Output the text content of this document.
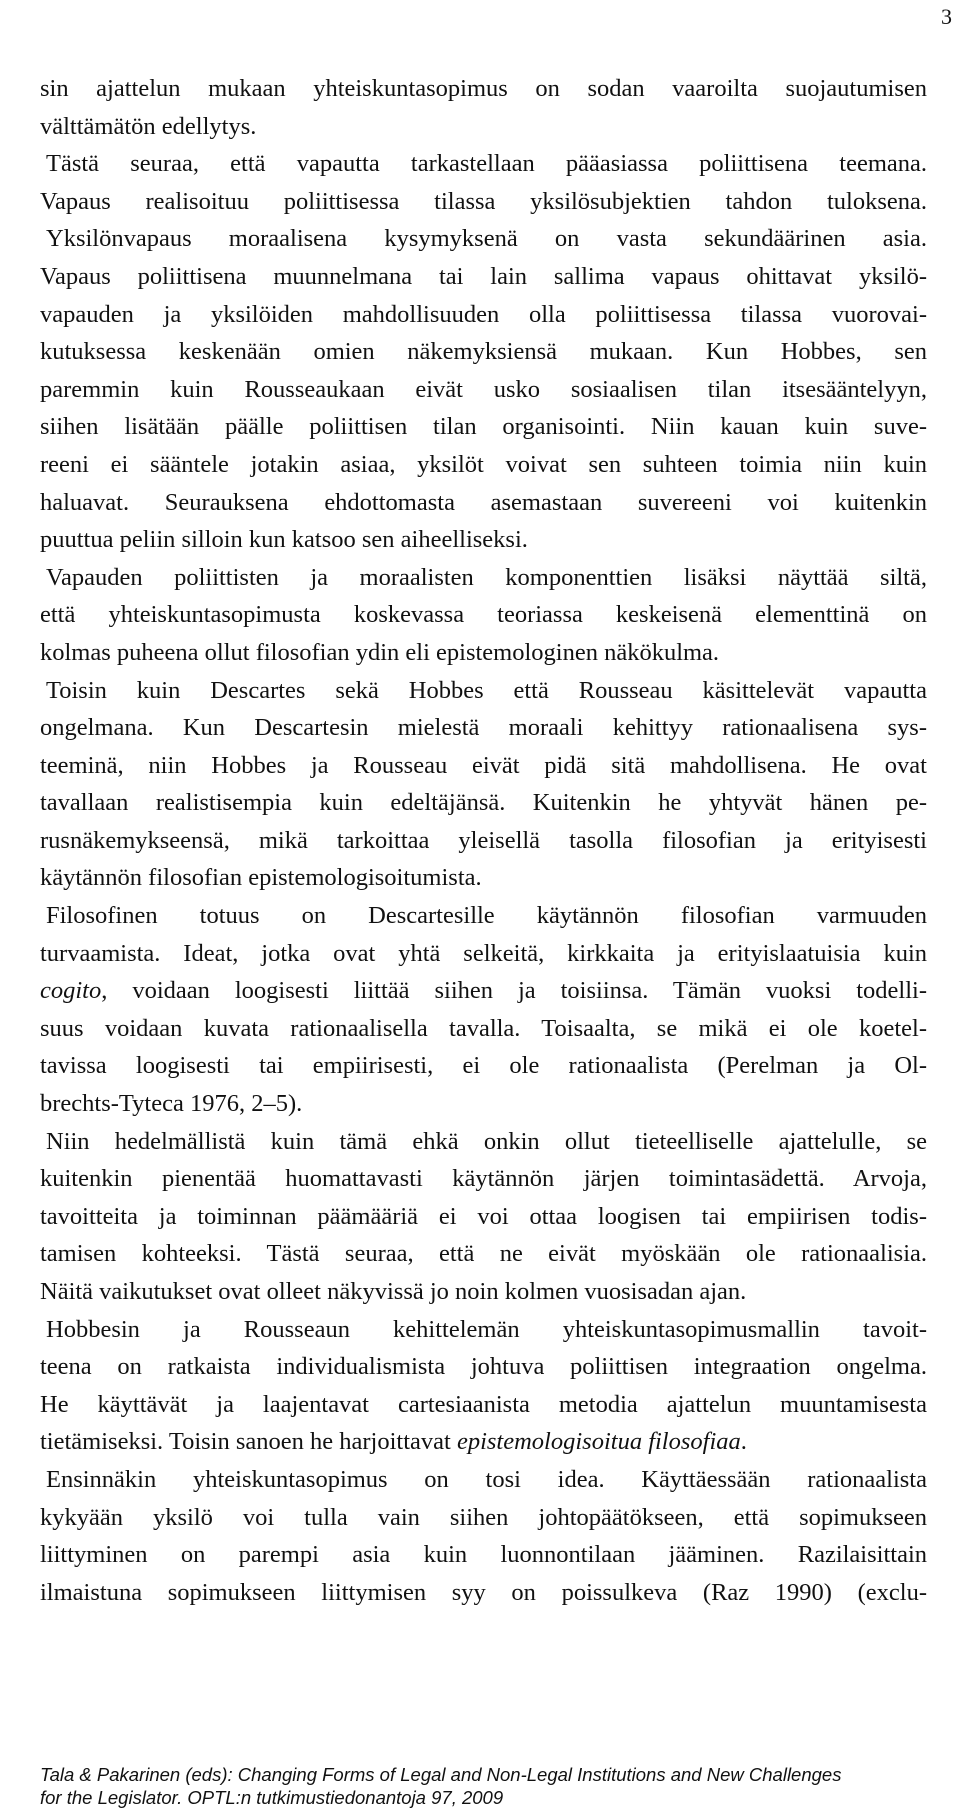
3
sin ajattelun mukaan yhteiskuntasopimus on sodan vaaroilta suojautumisen
välttämätön edellytys.
Tästä seuraa, että vapautta tarkastellaan pääasiassa poliittisena teemana.
Vapaus realisoituu poliittisessa tilassa yksilösubjektien tahdon tuloksena.
Yksilönvapaus moraalisena kysymyksenä on vasta sekundäärinen asia.
Vapaus poliittisena muunnelmana tai lain sallima vapaus ohittavat yksilö-
vapauden ja yksilöiden mahdollisuuden olla poliittisessa tilassa vuorovai-
kutuksessa keskenään omien näkemyksiensä mukaan. Kun Hobbes, sen
paremmin kuin Rousseaukaan eivät usko sosiaalisen tilan itsesääntelyyn,
siihen lisätään päälle poliittisen tilan organisointi. Niin kauan kuin suve-
reeni ei sääntele jotakin asiaa, yksilöt voivat sen suhteen toimia niin kuin
haluavat. Seurauksena ehdottomasta asemastaan suvereeni voi kuitenkin
puuttua peliin silloin kun katsoo sen aiheelliseksi.
Vapauden poliittisten ja moraalisten komponenttien lisäksi näyttää siltä,
että yhteiskuntasopimusta koskevassa teoriassa keskeisenä elementtinä on
kolmas puheena ollut filosofian ydin eli epistemologinen näkökulma.
Toisin kuin Descartes sekä Hobbes että Rousseau käsittelevät vapautta
ongelmana. Kun Descartesin mielestä moraali kehittyy rationaalisena sys-
teeminä, niin Hobbes ja Rousseau eivät pidä sitä mahdollisena. He ovat
tavallaan realistisempia kuin edeltäjänsä. Kuitenkin he yhtyvät hänen pe-
rusnäkemykseensä, mikä tarkoittaa yleisellä tasolla filosofian ja erityisesti
käytännön filosofian epistemologisoitumista.
Filosofinen totuus on Descartesille käytännön filosofian varmuuden
turvaamista. Ideat, jotka ovat yhtä selkeitä, kirkkaita ja erityislaatuisia kuin
cogito, voidaan loogisesti liittää siihen ja toisiinsa. Tämän vuoksi todelli-
suus voidaan kuvata rationaalisella tavalla. Toisaalta, se mikä ei ole koetel-
tavissa loogisesti tai empiirisesti, ei ole rationaalista (Perelman ja Ol-
brechts-Tyteca 1976, 2–5).
Niin hedelmällistä kuin tämä ehkä onkin ollut tieteelliselle ajattelulle, se
kuitenkin pienentää huomattavasti käytännön järjen toimintasädettä. Arvoja,
tavoitteita ja toiminnan päämääriä ei voi ottaa loogisen tai empiirisen todis-
tamisen kohteeksi. Tästä seuraa, että ne eivät myöskään ole rationaalisia.
Näitä vaikutukset ovat olleet näkyvissä jo noin kolmen vuosisadan ajan.
Hobbesin ja Rousseaun kehittelemän yhteiskuntasopimusmallin tavoit-
teena on ratkaista individualismista johtuva poliittisen integraation ongelma.
He käyttävät ja laajentavat cartesiaanista metodia ajattelun muuntamisesta
tietämiseksi. Toisin sanoen he harjoittavat epistemologisoitua filosofiaa.
Ensinnäkin yhteiskuntasopimus on tosi idea. Käyttäessään rationaalista
kykyään yksilö voi tulla vain siihen johtopäätökseen, että sopimukseen
liittyminen on parempi asia kuin luonnontilaan jääminen. Razilaisittain
ilmaistuna sopimukseen liittymisen syy on poissulkeva (Raz 1990) (exclu-
Tala & Pakarinen (eds): Changing Forms of Legal and Non-Legal Institutions and New Challenges
for the Legislator. OPTL:n tutkimustiedonantoja 97, 2009
